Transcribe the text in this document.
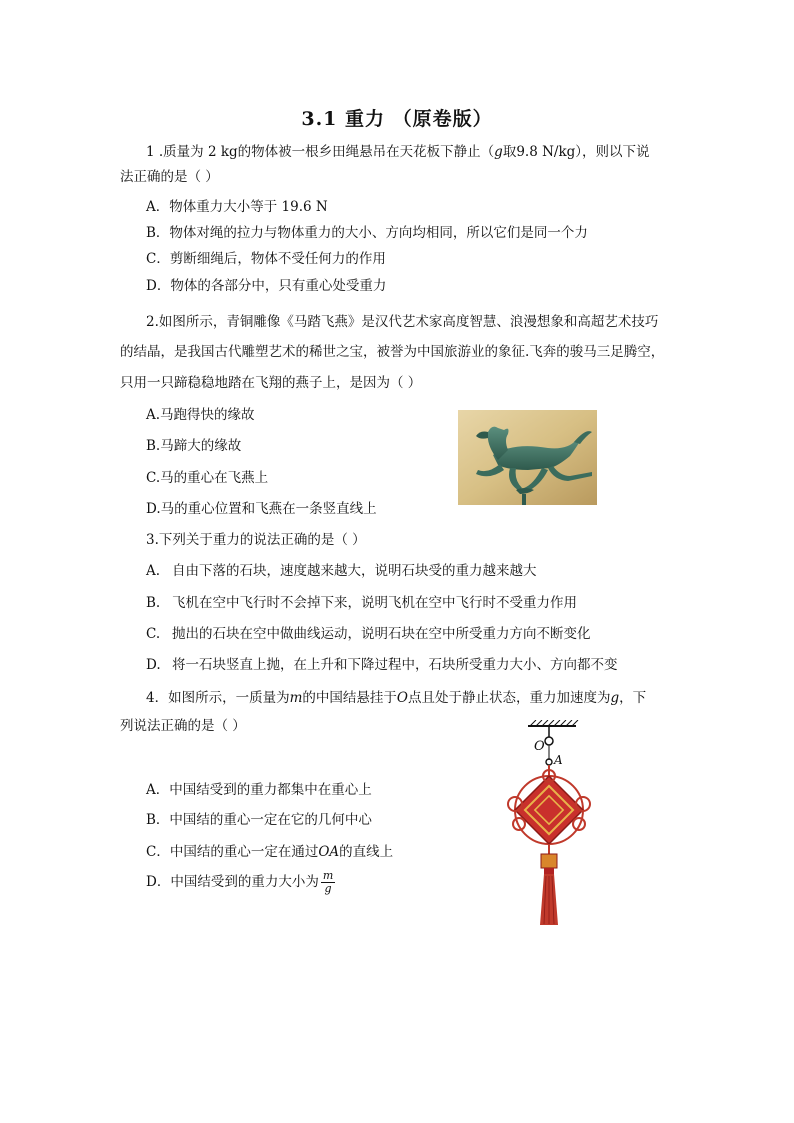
3.1 重力 （原卷版）
1 .质量为 2 kg的物体被一根乡田绳悬吊在天花板下静止（g取9.8 N/kg），则以下说
法正确的是（ ）
A．物体重力大小等于 19.6 N
B．物体对绳的拉力与物体重力的大小、方向均相同，所以它们是同一个力
C．剪断细绳后，物体不受任何力的作用
D．物体的各部分中，只有重心处受重力
2.如图所示，青铜雕像《马踏飞燕》是汉代艺术家高度智慧、浪漫想象和高超艺术技巧
的结晶，是我国古代雕塑艺术的稀世之宝，被誉为中国旅游业的象征.飞奔的骏马三足腾空，
只用一只蹄稳稳地踏在飞翔的燕子上，是因为（ ）
A.马跑得快的缘故
B.马蹄大的缘故
C.马的重心在飞燕上
D.马的重心位置和飞燕在一条竖直线上
3.下列关于重力的说法正确的是（ ）
A. 自由下落的石块，速度越来越大，说明石块受的重力越来越大
B. 飞机在空中飞行时不会掉下来，说明飞机在空中飞行时不受重力作用
C. 抛出的石块在空中做曲线运动，说明石块在空中所受重力方向不断变化
D. 将一石块竖直上抛，在上升和下降过程中，石块所受重力大小、方向都不变
4．如图所示，一质量为m的中国结悬挂于O点且处于静止状态，重力加速度为g，下
列说法正确的是（ ）
A．中国结受到的重力都集中在重心上
B．中国结的重心一定在它的几何中心
C．中国结的重心一定在通过OA的直线上
D．中国结受到的重力大小为 $\frac{m}{g}$
O
A
